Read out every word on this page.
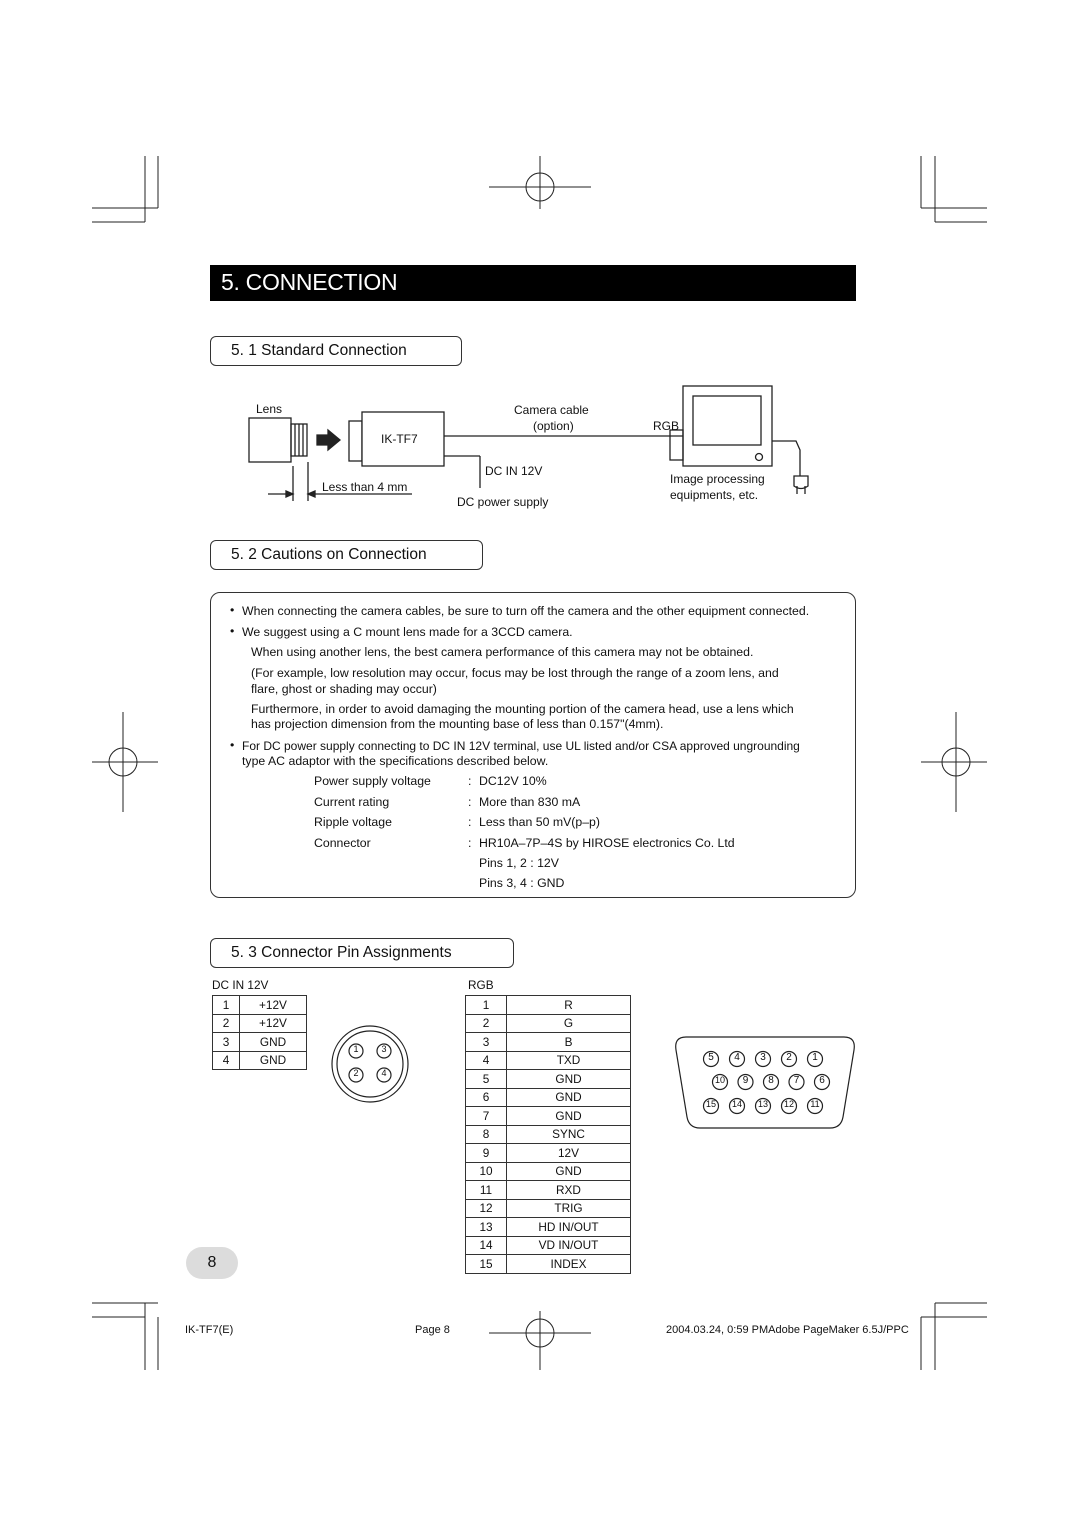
5. CONNECTION
5. 1 Standard Connection
5. 2 Cautions on Connection
5. 3 Connector Pin Assignments
Lens
IK-TF7
Camera cable
(option)	RGB
DC IN 12V
DC power supply
Less than 4 mm
Image processing
equipments, etc.
• When connecting the camera cables, be sure to turn off the camera and the other equipment connected.
• We suggest using a C mount lens made for a 3CCD camera.
When using another lens, the best camera performance of this camera may not be obtained.
(For example, low resolution may occur, focus may be lost through the range of a zoom lens, and
flare, ghost or shading may occur)
Furthermore, in order to avoid damaging the mounting portion of the camera head, use a lens which
has projection dimension from the mounting base of less than 0.157"(4mm).
• For DC power supply connecting to DC IN 12V terminal, use UL listed and/or CSA approved ungrounding
type AC adaptor with the specifications described below.
Power supply voltage	: DC12V 10%
Current rating	: More than 830 mA
Ripple voltage	: Less than 50 mV(p–p)
Connector	: HR10A–7P–4S by HIROSE electronics Co. Ltd
Pins 1, 2 : 12V
Pins 3, 4 : GND
DC IN 12V
1	+12V
2	+12V
3	GND
4	GND
1	3
2	4
RGB
1	R
2	G
3	B
4	TXD
5	GND
6	GND
7	GND
8	SYNC
9	12V
10	GND
11	RXD
12	TRIG
13	HD IN/OUT
14	VD IN/OUT
15	INDEX
5	4	3	2	1
10	9	8	7	6
15	14	13	12	11
8
IK-TF7(E)	Page 8	2004.03.24, 0:59 PMAdobe PageMaker 6.5J/PPC
